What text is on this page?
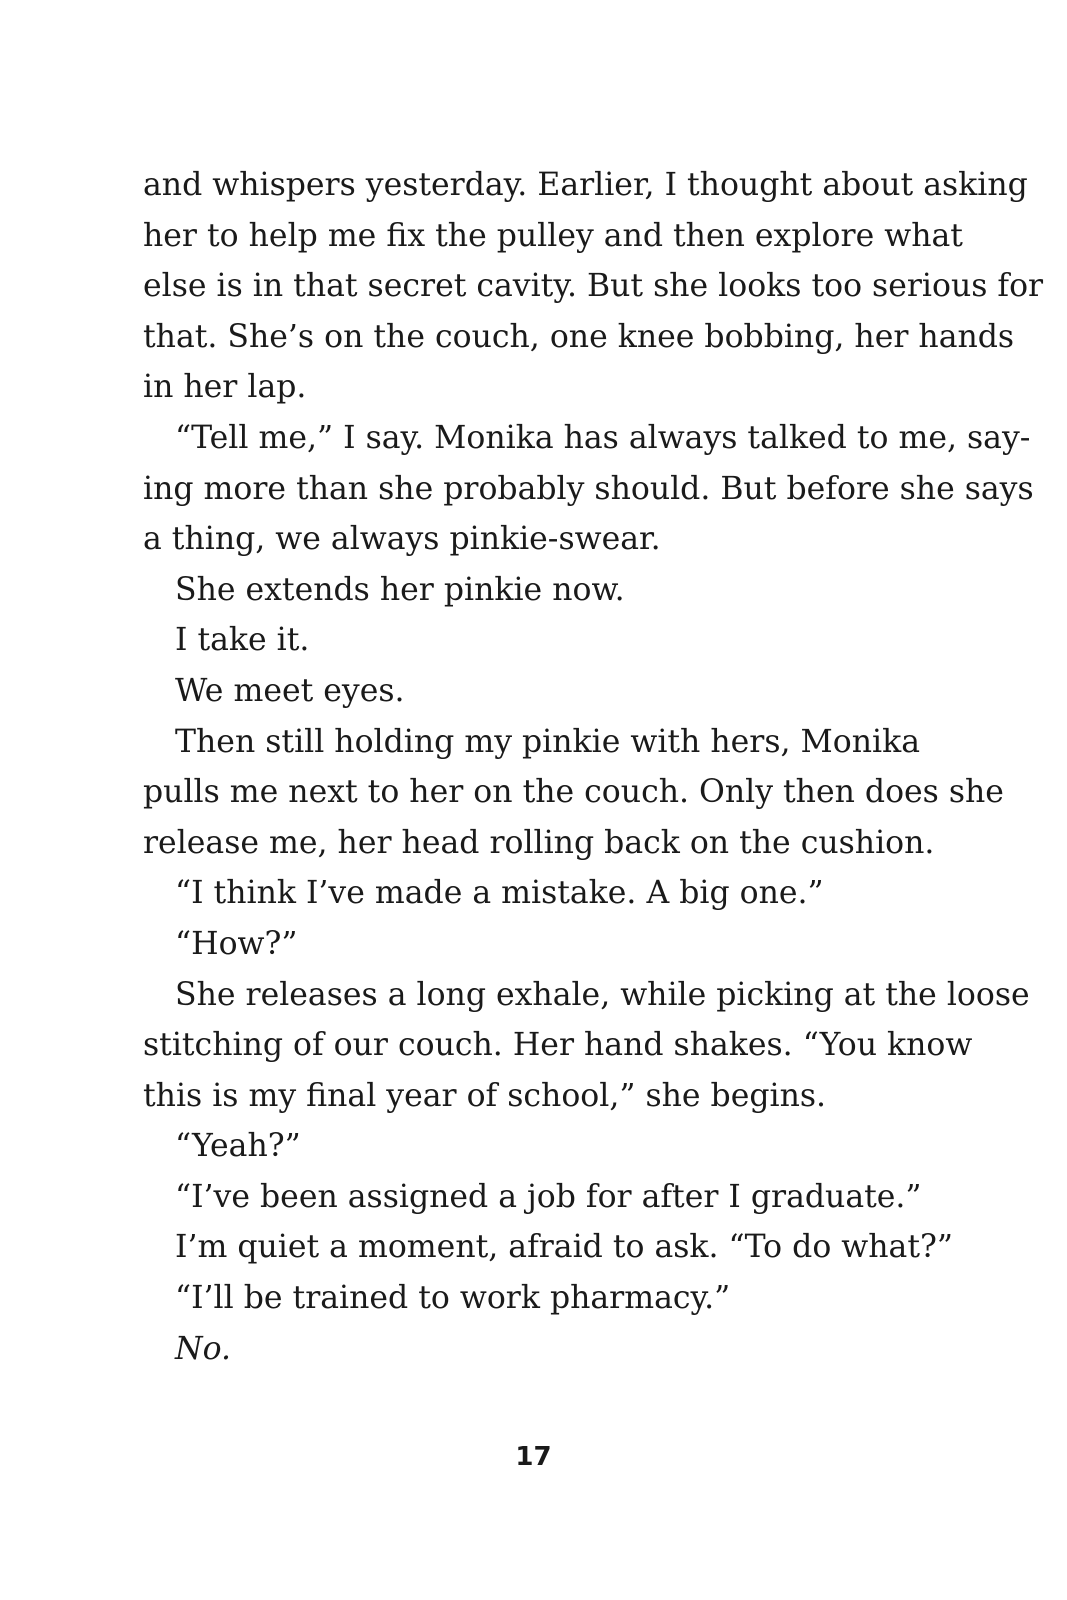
and whispers yesterday. Earlier, I thought about asking
her to help me fix the pulley and then explore what
else is in that secret cavity. But she looks too serious for
that. She’s on the couch, one knee bobbing, her hands
in her lap.
“Tell me,” I say. Monika has always talked to me, say-
ing more than she probably should. But before she says
a thing, we always pinkie-swear.
She extends her pinkie now.
I take it.
We meet eyes.
Then still holding my pinkie with hers, Monika
pulls me next to her on the couch. Only then does she
release me, her head rolling back on the cushion.
“I think I’ve made a mistake. A big one.”
“How?”
She releases a long exhale, while picking at the loose
stitching of our couch. Her hand shakes. “You know
this is my final year of school,” she begins.
“Yeah?”
“I’ve been assigned a job for after I graduate.”
I’m quiet a moment, afraid to ask. “To do what?”
“I’ll be trained to work pharmacy.”
No.
17
